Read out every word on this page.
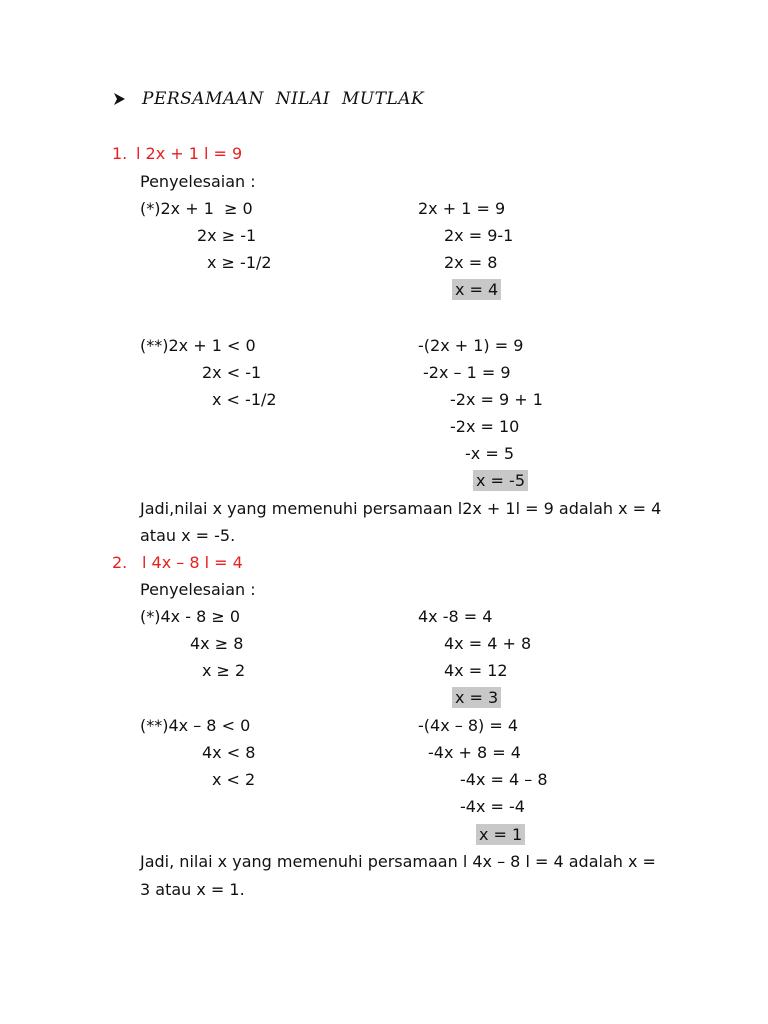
PERSAMAAN  NILAI  MUTLAK
1. l 2x + 1 l = 9
Penyelesaian :
(*)2x + 1  ≥ 0
2x ≥ -1
x ≥ -1/2
2x + 1 = 9
2x = 9-1
2x = 8
x = 4
(**)2x + 1 < 0
2x < -1
x < -1∕2
-(2x + 1) = 9
-2x – 1 = 9
-2x = 9 + 1
-2x = 10
-x = 5
x = -5
Jadi,nilai x yang memenuhi persamaan l2x + 1l = 9 adalah x = 4
atau x = -5.
2. l 4x – 8 l = 4
Penyelesaian :
(*)4x - 8 ≥ 0
4x ≥ 8
x ≥ 2
4x -8 = 4
4x = 4 + 8
4x = 12
x = 3
(**)4x – 8 < 0
4x < 8
x < 2
-(4x – 8) = 4
-4x + 8 = 4
-4x = 4 – 8
-4x = -4
x = 1
Jadi, nilai x yang memenuhi persamaan l 4x – 8 l = 4 adalah x =
3 atau x = 1.
